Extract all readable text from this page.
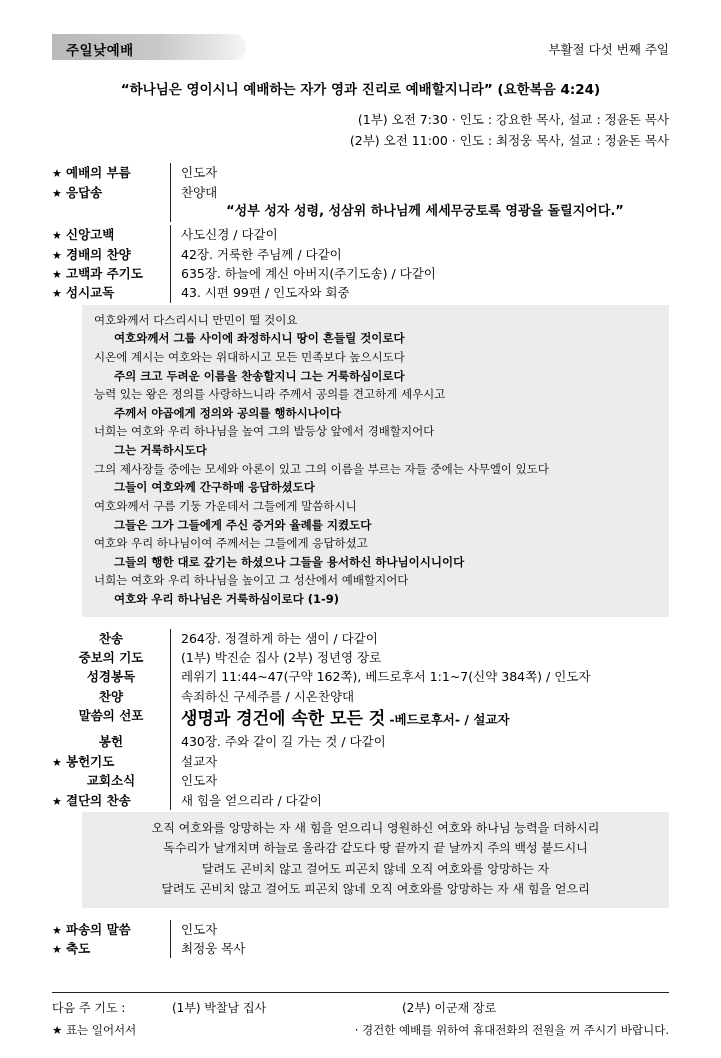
주일낮예배	부활절 다섯 번째 주일
“하나님은 영이시니 예배하는 자가 영과 진리로 예배할지니라” (요한복음 4:24)
(1부) 오전 7:30 · 인도 : 강요한 목사, 설교 : 정윤돈 목사
(2부) 오전 11:00 · 인도 : 최정웅 목사, 설교 : 정윤돈 목사
★ 예배의 부름	인도자
★ 응답송	찬양대
“성부 성자 성령, 성삼위 하나님께 세세무궁토록 영광을 돌릴지어다.”
★ 신앙고백	사도신경 / 다같이
★ 경배의 찬양	42장. 거룩한 주님께 / 다같이
★ 고백과 주기도	635장. 하늘에 계신 아버지(주기도송) / 다같이
★ 성시교독	43. 시편 99편 / 인도자와 회중
여호와께서 다스리시니 만민이 떨 것이요
여호와께서 그룹 사이에 좌정하시니 땅이 흔들릴 것이로다
시온에 계시는 여호와는 위대하시고 모든 민족보다 높으시도다
주의 크고 두려운 이름을 찬송할지니 그는 거룩하심이로다
능력 있는 왕은 정의를 사랑하느니라 주께서 공의를 견고하게 세우시고
주께서 야곱에게 정의와 공의를 행하시나이다
너희는 여호와 우리 하나님을 높여 그의 발등상 앞에서 경배할지어다
그는 거룩하시도다
그의 제사장들 중에는 모세와 아론이 있고 그의 이름을 부르는 자들 중에는 사무엘이 있도다
그들이 여호와께 간구하매 응답하셨도다
여호와께서 구름 기둥 가운데서 그들에게 말씀하시니
그들은 그가 그들에게 주신 증거와 율례를 지켰도다
여호와 우리 하나님이여 주께서는 그들에게 응답하셨고
그들의 행한 대로 갚기는 하셨으나 그들을 용서하신 하나님이시니이다
너희는 여호와 우리 하나님을 높이고 그 성산에서 예배할지어다
여호와 우리 하나님은 거룩하심이로다 (1-9)
찬송	264장. 정결하게 하는 샘이 / 다같이
중보의 기도	(1부) 박진순 집사 (2부) 정년영 장로
성경봉독	레위기 11:44~47(구약 162쪽), 베드로후서 1:1~7(신약 384쪽) / 인도자
찬양	속죄하신 구세주를 / 시온찬양대
말씀의 선포	생명과 경건에 속한 모든 것 -베드로후서- / 설교자
봉헌	430장. 주와 같이 길 가는 것 / 다같이
★ 봉헌기도	설교자
교회소식	인도자
★ 결단의 찬송	새 힘을 얻으리라 / 다같이
오직 여호와를 앙망하는 자 새 힘을 얻으리니 영원하신 여호와 하나님 능력을 더하시리
독수리가 날개치며 하늘로 올라감 같도다 땅 끝까지 끝 날까지 주의 백성 붙드시니
달려도 곤비치 않고 걸어도 피곤치 않네 오직 여호와를 앙망하는 자
달려도 곤비치 않고 걸어도 피곤치 않네 오직 여호와를 앙망하는 자 새 힘을 얻으리
★ 파송의 말씀	인도자
★ 축도	최정웅 목사
다음 주 기도 :	(1부) 박찰남 집사	(2부) 이군재 장로
★ 표는 일어서서	· 경건한 예배를 위하여 휴대전화의 전원을 꺼 주시기 바랍니다.
